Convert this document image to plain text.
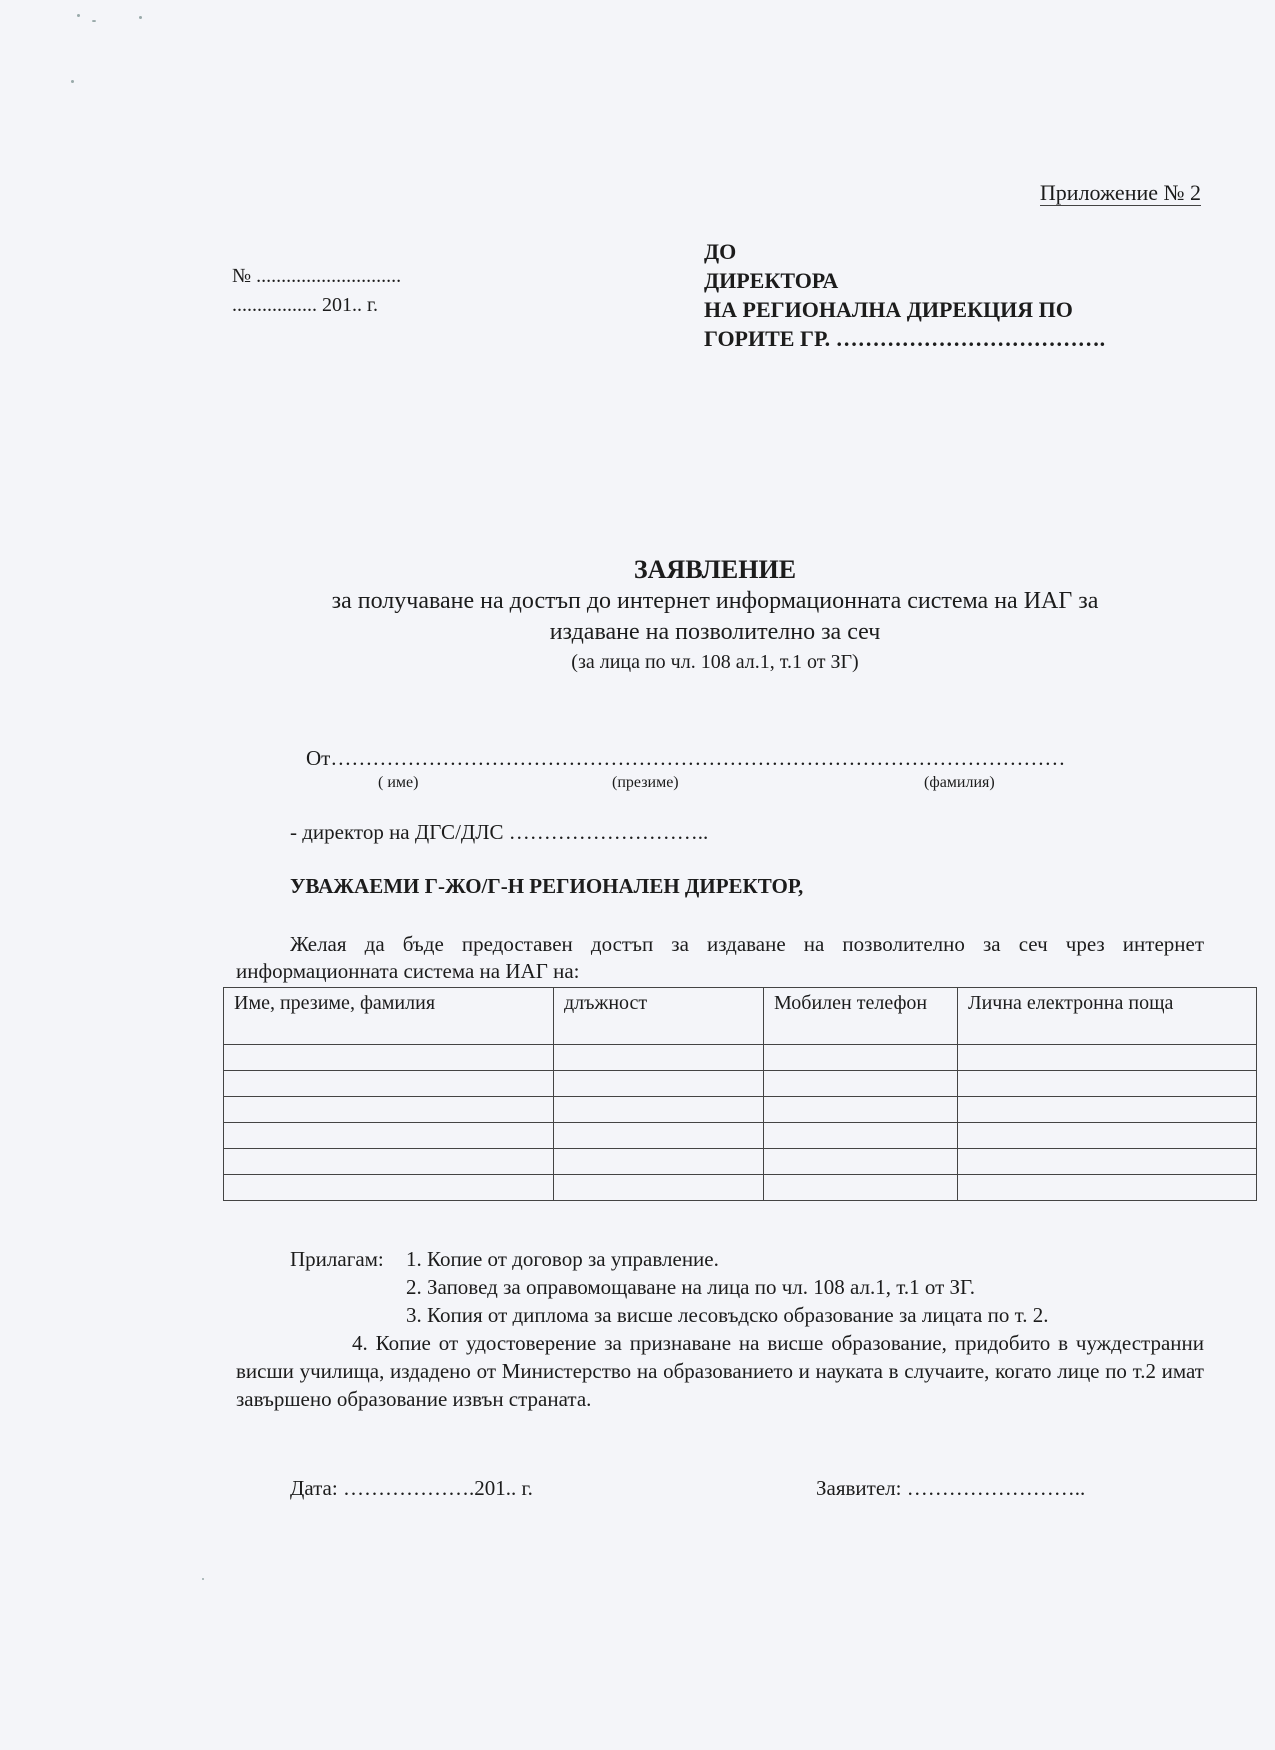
Приложение № 2
№ .............................
................. 201.. г.
ДО
ДИРЕКТОРА
НА РЕГИОНАЛНА ДИРЕКЦИЯ ПО
ГОРИТЕ ГР. ……………………………….
ЗАЯВЛЕНИЕ
за получаване на достъп до интернет информационната система на ИАГ за
издаване на позволително за сеч
(за лица по чл. 108 ал.1, т.1 от ЗГ)
От……………………………………………………………………………………………
( име)	(презиме)	(фамилия)
- директор на ДГС/ДЛС ………………………..
УВАЖАЕМИ Г-ЖО/Г-Н РЕГИОНАЛЕН ДИРЕКТОР,
Желая да бъде предоставен достъп за издаване на позволително за сеч чрез интернет информационната система на ИАГ на:
Име, презиме, фамилия	длъжност	Мобилен телефон	Лична електронна поща

Прилагам: 1. Копие от договор за управление.
2. Заповед за оправомощаване на лица по чл. 108 ал.1, т.1 от ЗГ.
3. Копия от диплома за висше лесовъдско образование за лицата по т. 2.
4. Копие от удостоверение за признаване на висше образование, придобито в чуждестранни висши училища, издадено от Министерство на образованието и науката в случаите, когато лице по т.2 имат завършено образование извън страната.
Дата: ……………….201.. г.	Заявител: ……………………..
